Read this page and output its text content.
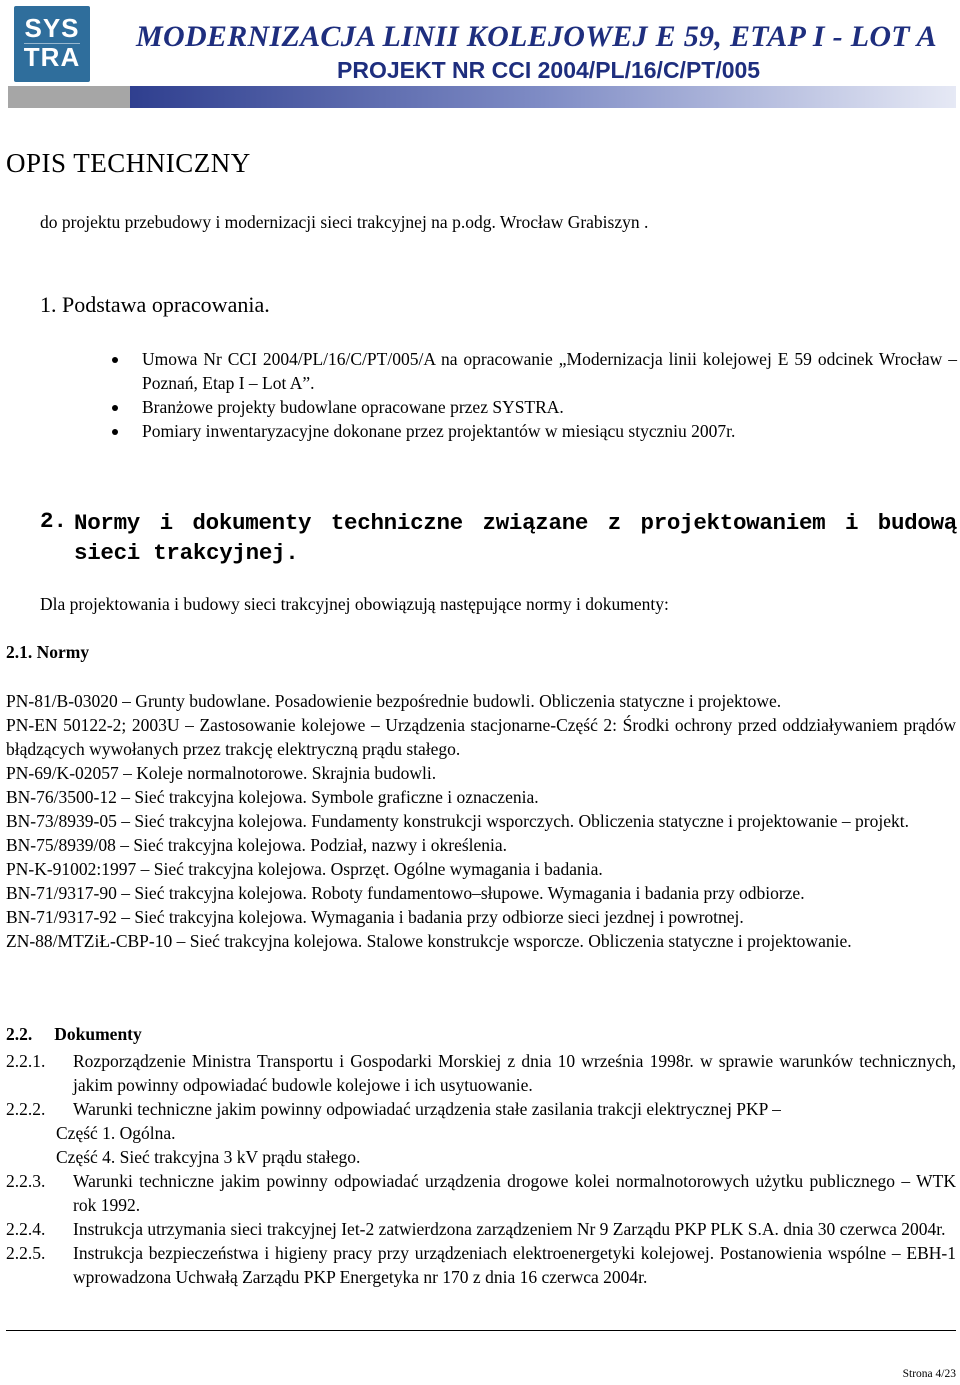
SYS
TRA
MODERNIZACJA LINII KOLEJOWEJ E 59, ETAP I - LOT A
PROJEKT NR CCI 2004/PL/16/C/PT/005
OPIS TECHNICZNY
do projektu przebudowy i modernizacji sieci trakcyjnej na p.odg. Wrocław Grabiszyn .
1. Podstawa opracowania.
Umowa Nr CCI 2004/PL/16/C/PT/005/A na opracowanie „Modernizacja linii kolejowej E 59 odcinek Wrocław – Poznań, Etap I – Lot A”.
Branżowe projekty budowlane opracowane przez SYSTRA.
Pomiary inwentaryzacyjne dokonane przez projektantów w miesiącu styczniu 2007r.
2. Normy i dokumenty techniczne związane z projektowaniem i budową sieci trakcyjnej.
Dla projektowania i budowy sieci trakcyjnej obowiązują następujące normy i dokumenty:
2.1. Normy
PN-81/B-03020 – Grunty budowlane. Posadowienie bezpośrednie budowli. Obliczenia statyczne i projektowe.
PN-EN 50122-2; 2003U – Zastosowanie kolejowe – Urządzenia stacjonarne-Część 2: Środki ochrony przed oddziaływaniem prądów błądzących wywołanych przez trakcję elektryczną prądu stałego.
PN-69/K-02057 – Koleje normalnotorowe. Skrajnia budowli.
BN-76/3500-12 – Sieć trakcyjna kolejowa. Symbole graficzne i oznaczenia.
BN-73/8939-05 – Sieć trakcyjna kolejowa. Fundamenty konstrukcji wsporczych. Obliczenia statyczne i projektowanie – projekt.
BN-75/8939/08 – Sieć trakcyjna kolejowa. Podział, nazwy i określenia.
PN-K-91002:1997 – Sieć trakcyjna kolejowa. Osprzęt. Ogólne wymagania i badania.
BN-71/9317-90 – Sieć trakcyjna kolejowa. Roboty fundamentowo–słupowe. Wymagania i badania przy odbiorze.
BN-71/9317-92 – Sieć trakcyjna kolejowa. Wymagania i badania przy odbiorze sieci jezdnej i powrotnej.
ZN-88/MTZiŁ-CBP-10 – Sieć trakcyjna kolejowa. Stalowe konstrukcje wsporcze. Obliczenia statyczne i projektowanie.
2.2. Dokumenty
2.2.1. Rozporządzenie Ministra Transportu i Gospodarki Morskiej z dnia 10 września 1998r. w sprawie warunków technicznych, jakim powinny odpowiadać budowle kolejowe i ich usytuowanie.
2.2.2. Warunki techniczne jakim powinny odpowiadać urządzenia stałe zasilania trakcji elektrycznej PKP –
Część 1. Ogólna.
Część 4. Sieć trakcyjna 3 kV prądu stałego.
2.2.3. Warunki techniczne jakim powinny odpowiadać urządzenia drogowe kolei normalnotorowych użytku publicznego – WTK rok 1992.
2.2.4. Instrukcja utrzymania sieci trakcyjnej Iet-2 zatwierdzona zarządzeniem Nr 9 Zarządu PKP PLK S.A. dnia 30 czerwca 2004r.
2.2.5. Instrukcja bezpieczeństwa i higieny pracy przy urządzeniach elektroenergetyki kolejowej. Postanowienia wspólne – EBH-1 wprowadzona Uchwałą Zarządu PKP Energetyka nr 170 z dnia 16 czerwca 2004r.
Strona 4/23
